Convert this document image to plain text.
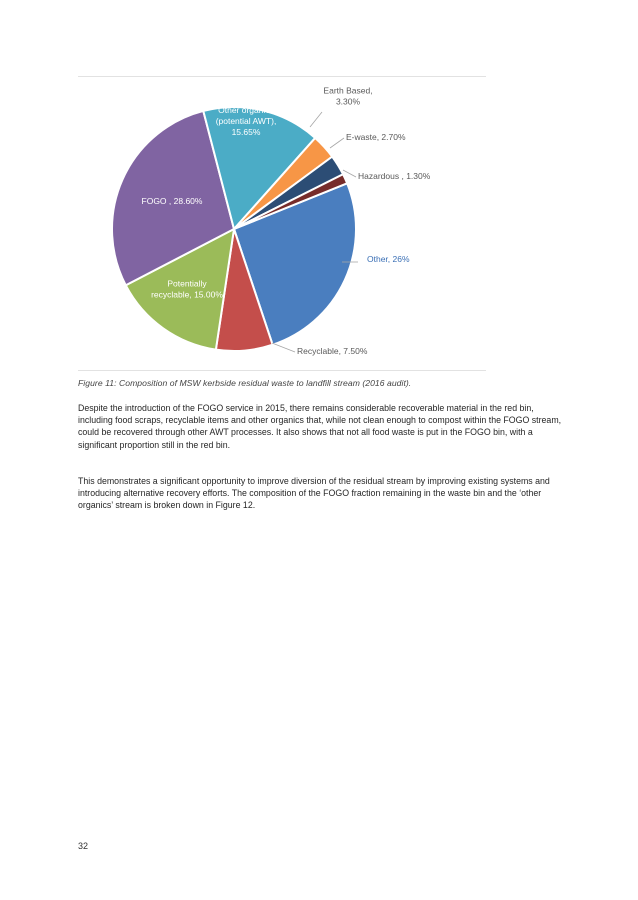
Other, 26%
Recyclable, 7.50%
Potentially recyclable, 15.00%
FOGO , 28.60%
Other organics (potential AWT), 15.65%
Earth Based, 3.30%
E-waste, 2.70%
Hazardous , 1.30%
Figure 11: Composition of MSW kerbside residual waste to landfill stream (2016 audit).

Despite the introduction of the FOGO service in 2015, there remains considerable recoverable material in the red bin, including food scraps, recyclable items and other organics that, while not clean enough to compost within the FOGO stream, could be recovered through other AWT processes. It also shows that not all food waste is put in the FOGO bin, with a significant proportion still in the red bin.

This demonstrates a significant opportunity to improve diversion of the residual stream by improving existing systems and introducing alternative recovery efforts. The composition of the FOGO fraction remaining in the waste bin and the ‘other organics’ stream is broken down in Figure 12.

32
